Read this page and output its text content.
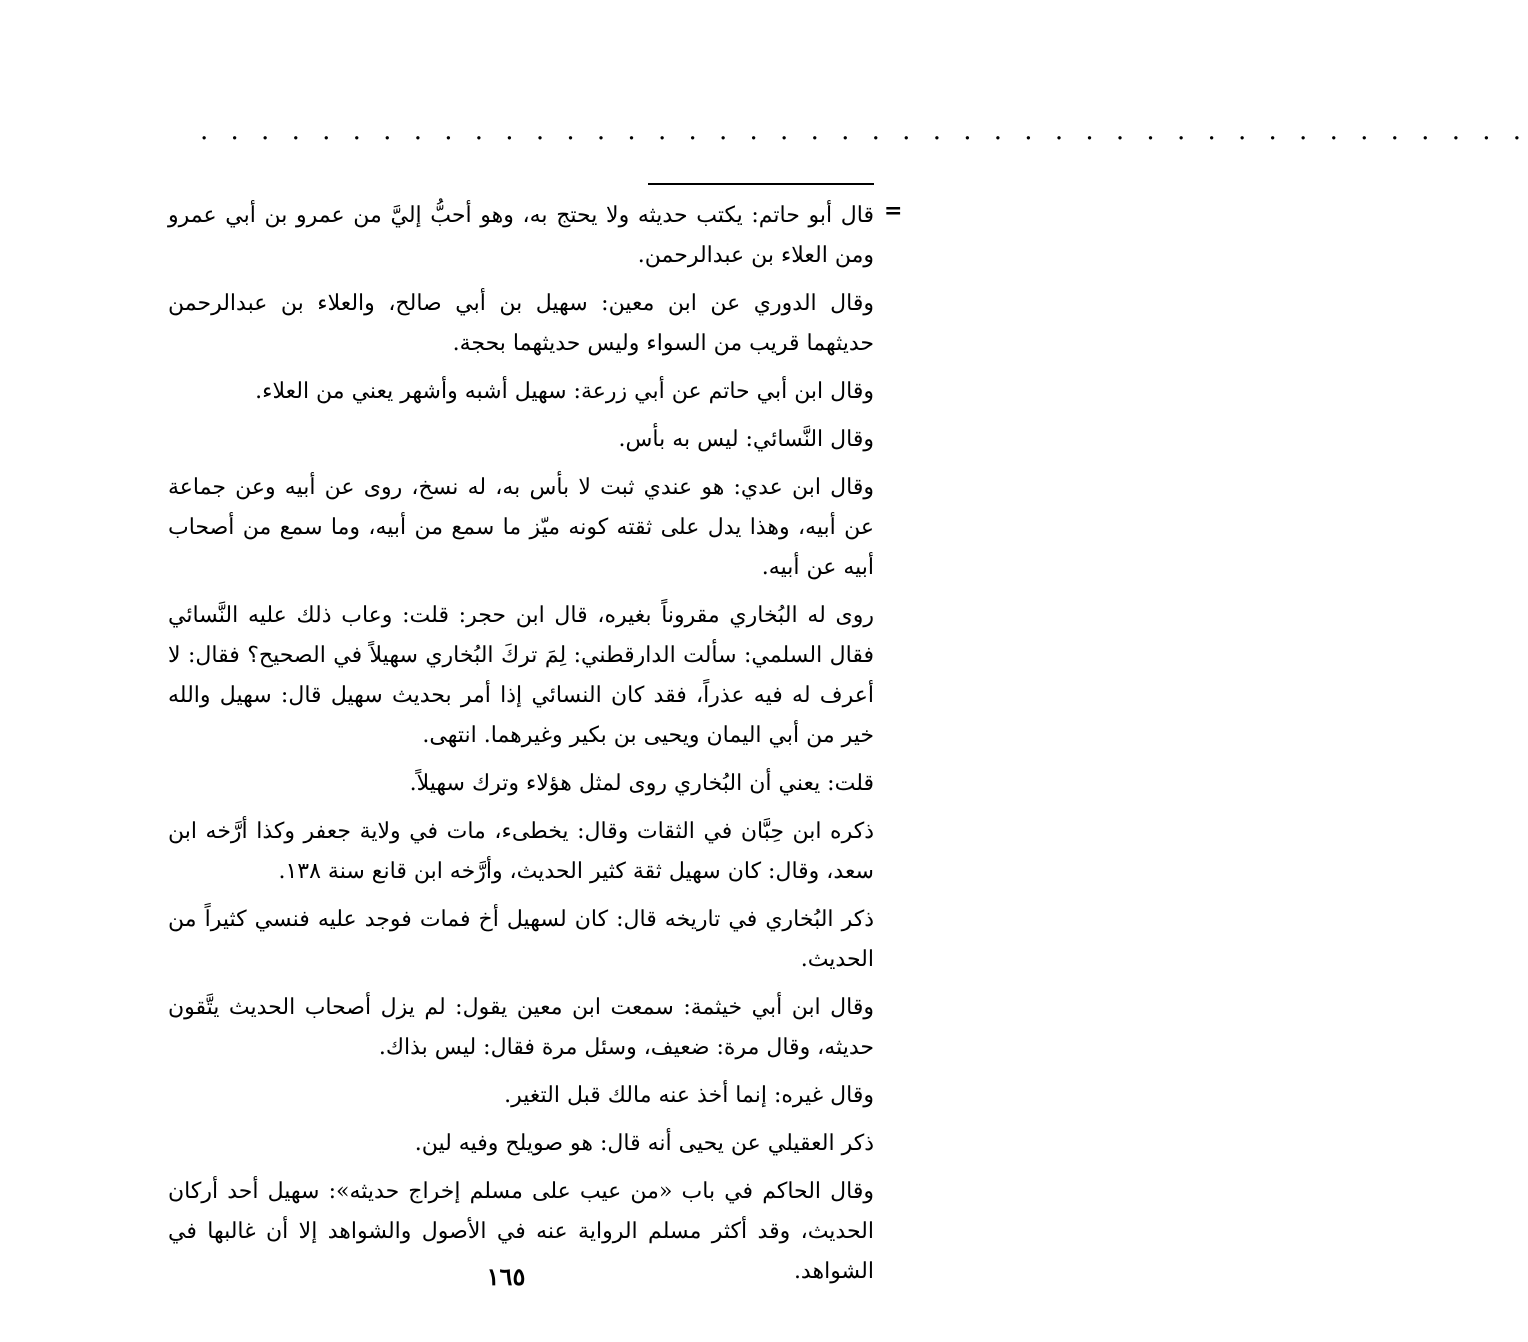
. . . . . . . . . . . . . . . . . . . . . . . . . . . . . . . . . . . . . . . . . . . .
=

قال أبو حاتم: يكتب حديثه ولا يحتج به، وهو أحبُّ إليَّ من عمرو بن أبي عمرو ومن العلاء بن عبدالرحمن.

وقال الدوري عن ابن معين: سهيل بن أبي صالح، والعلاء بن عبدالرحمن حديثهما قريب من السواء وليس حديثهما بحجة.

وقال ابن أبي حاتم عن أبي زرعة: سهيل أشبه وأشهر يعني من العلاء.

وقال النَّسائي: ليس به بأس.

وقال ابن عدي: هو عندي ثبت لا بأس به، له نسخ، روى عن أبيه وعن جماعة عن أبيه، وهذا يدل على ثقته كونه ميّز ما سمع من أبيه، وما سمع من أصحاب أبيه عن أبيه.

روى له البُخاري مقروناً بغيره، قال ابن حجر: قلت: وعاب ذلك عليه النَّسائي فقال السلمي: سألت الدارقطني: لِمَ تركَ البُخاري سهيلاً في الصحيح؟ فقال: لا أعرف له فيه عذراً، فقد كان النسائي إذا أمر بحديث سهيل قال: سهيل والله خير من أبي اليمان ويحيى بن بكير وغيرهما. انتهى.

قلت: يعني أن البُخاري روى لمثل هؤلاء وترك سهيلاً.

ذكره ابن حِبَّان في الثقات وقال: يخطىء، مات في ولاية جعفر وكذا أرَّخه ابن سعد، وقال: كان سهيل ثقة كثير الحديث، وأرَّخه ابن قانع سنة ١٣٨.

ذكر البُخاري في تاريخه قال: كان لسهيل أخ فمات فوجد عليه فنسي كثيراً من الحديث.

وقال ابن أبي خيثمة: سمعت ابن معين يقول: لم يزل أصحاب الحديث يتَّقون حديثه، وقال مرة: ضعيف، وسئل مرة فقال: ليس بذاك.

وقال غيره: إنما أخذ عنه مالك قبل التغير.

ذكر العقيلي عن يحيى أنه قال: هو صويلح وفيه لين.

وقال الحاكم في باب «من عيب على مسلم إخراج حديثه»: سهيل أحد أركان الحديث، وقد أكثر مسلم الرواية عنه في الأصول والشواهد إلا أن غالبها في الشواهد.

١٦٥
